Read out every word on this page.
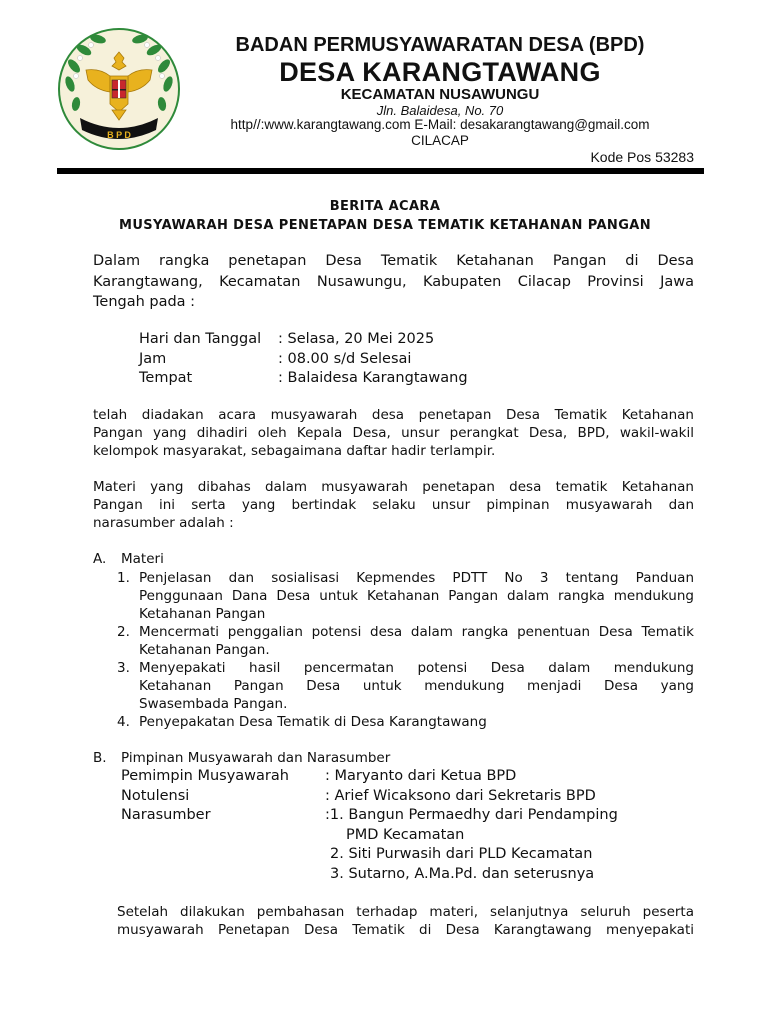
B P D
BADAN PERMUSYAWARATAN DESA (BPD)
DESA KARANGTAWANG
KECAMATAN NUSAWUNGU
Jln. Balaidesa, No. 70
http//:www.karangtawang.com E-Mail: desakarangtawang@gmail.com
CILACAP
Kode Pos 53283
BERITA ACARA
MUSYAWARAH DESA PENETAPAN DESA TEMATIK KETAHANAN PANGAN
Dalam rangka penetapan Desa Tematik Ketahanan Pangan di Desa
Karangtawang, Kecamatan Nusawungu, Kabupaten Cilacap Provinsi Jawa
Tengah pada :
Hari dan Tanggal : Selasa, 20 Mei 2025
Jam	: 08.00 s/d Selesai
Tempat	: Balaidesa Karangtawang
telah diadakan acara musyawarah desa penetapan Desa Tematik Ketahanan
Pangan yang dihadiri oleh Kepala Desa, unsur perangkat Desa, BPD, wakil-wakil
kelompok masyarakat, sebagaimana daftar hadir terlampir.
Materi yang dibahas dalam musyawarah penetapan desa tematik Ketahanan
Pangan ini serta yang bertindak selaku unsur pimpinan musyawarah dan
narasumber adalah :
A. Materi
1. Penjelasan dan sosialisasi Kepmendes PDTT No 3 tentang Panduan
Penggunaan Dana Desa untuk Ketahanan Pangan dalam rangka mendukung
Ketahanan Pangan
2. Mencermati penggalian potensi desa dalam rangka penentuan Desa Tematik
Ketahanan Pangan.
3. Menyepakati hasil pencermatan potensi Desa dalam mendukung
Ketahanan Pangan Desa untuk mendukung menjadi Desa yang
Swasembada Pangan.
4. Penyepakatan Desa Tematik di Desa Karangtawang
B. Pimpinan Musyawarah dan Narasumber
Pemimpin Musyawarah : Maryanto dari Ketua BPD
Notulensi	: Arief Wicaksono dari Sekretaris BPD
Narasumber	:1. Bangun Permaedhy dari Pendamping
PMD Kecamatan
2. Siti Purwasih dari PLD Kecamatan
3. Sutarno, A.Ma.Pd. dan seterusnya
Setelah dilakukan pembahasan terhadap materi, selanjutnya seluruh peserta
musyawarah Penetapan Desa Tematik di Desa Karangtawang menyepakati
